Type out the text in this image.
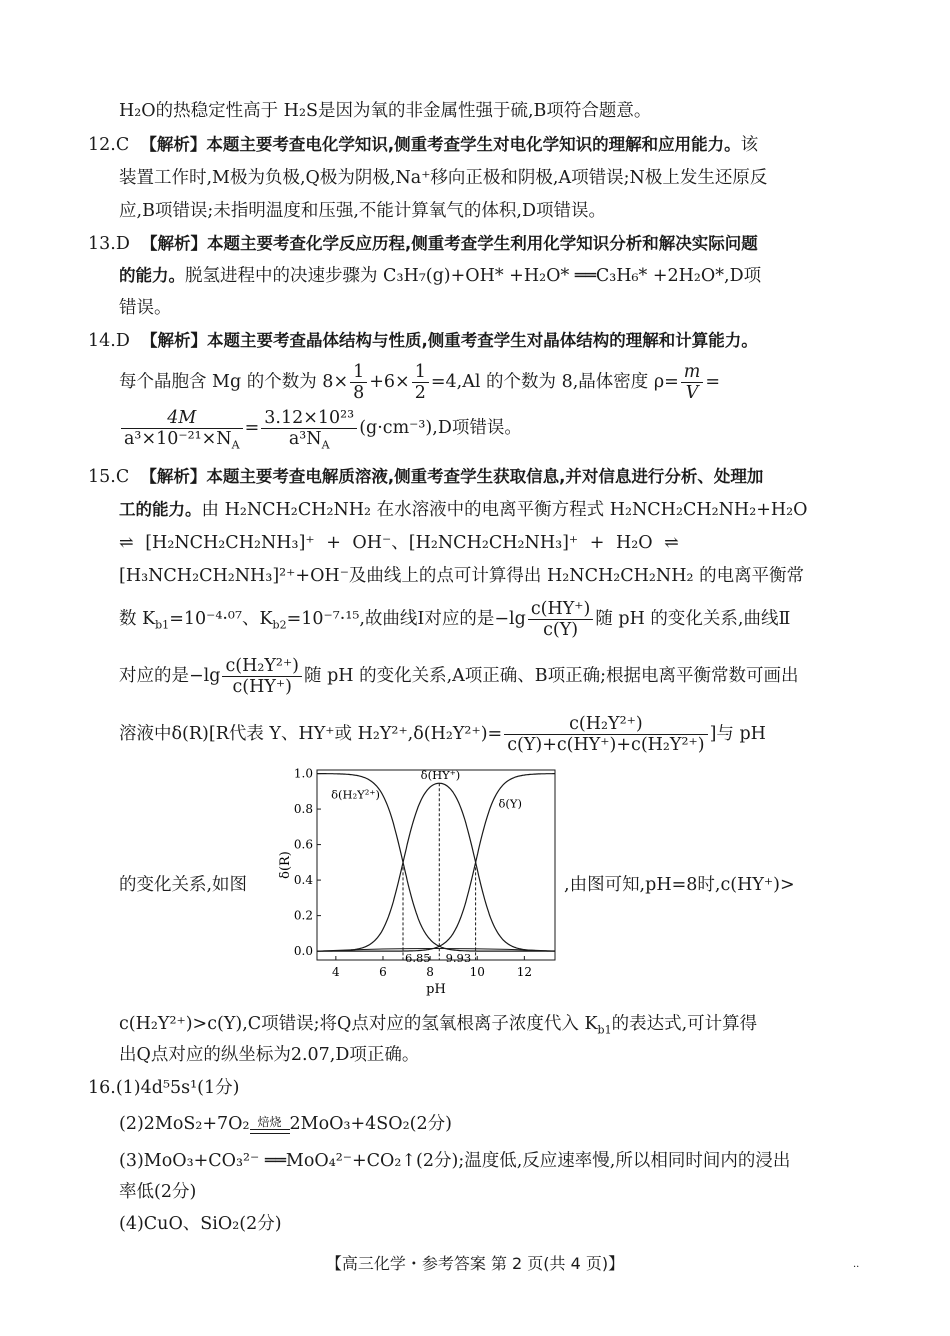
H₂O的热稳定性高于 H₂S是因为氧的非金属性强于硫,B项符合题意。
12.C 【解析】本题主要考查电化学知识,侧重考查学生对电化学知识的理解和应用能力。该
装置工作时,M极为负极,Q极为阴极,Na⁺移向正极和阴极,A项错误;N极上发生还原反
应,B项错误;未指明温度和压强,不能计算氧气的体积,D项错误。
13.D 【解析】本题主要考查化学反应历程,侧重考查学生利用化学知识分析和解决实际问题
的能力。脱氢进程中的决速步骤为 C₃H₇(g)+OH* +H₂O* ══C₃H₆* +2H₂O*,D项
错误。
14.D 【解析】本题主要考查晶体结构与性质,侧重考查学生对晶体结构的理解和计算能力。
每个晶胞含 Mg 的个数为 $8\times \frac{1}{8} +6\times \frac{1}{2} =4,Al$ 的个数为 8,晶体密度 $\rho= \frac{m}{V}$ =
$\frac{4M}{a^3\times 10^{-21}\times N_A} = \frac{\text{3.12×10²³}}{a^3N_A} (g\cdot cm^{-3}),D$项错误。
15.C 【解析】本题主要考查电解质溶液,侧重考查学生获取信息,并对信息进行分析、处理加
工的能力。由 H₂NCH₂CH₂NH₂ 在水溶液中的电离平衡方程式 H₂NCH₂CH₂NH₂+H₂O
⇌ [H₂NCH₂CH₂NH₃]⁺ + OH⁻、[H₂NCH₂CH₂NH₃]⁺ + H₂O ⇌
[H₃NCH₂CH₂NH₃]²⁺+OH⁻及曲线上的点可计算得出 H₂NCH₂CH₂NH₂ 的电离平衡常
数 $K_{b1}=10^{-4}\cdot^{07}$、$K_{b2}=10^{-7}\cdot^{15}$,故曲线Ⅰ对应的是$-\lg \frac{c(HY^+)}{c(Y)}$ 随 pH 的变化关系,曲线Ⅱ
对应的是$-\lg \frac{\text{c(H₂Y²⁺)}}{c(HY^+)}$ 随 pH 的变化关系,A项正确、B项正确;根据电离平衡常数可画出
溶液中δ(R)[R代表 Y、HY⁺或 $H_2Y^{2+},\delta(H_2Y^{2+})= \frac{\text{c(H₂Y²⁺)}}{\text{c(Y)+c(HY⁺)+c(H₂Y²⁺)}}$ ]与 pH
的变化关系,如图	,由图可知,pH=8时,c(HY⁺)>
0.0
0.2
0.4
0.6
0.8
1.0
4	6	8	10	12
pH
δ(R)
6.85 9.93
δ(H₂Y²⁺)
δ(HY⁺)
δ(Y)
c(H₂Y²⁺)>c(Y),C项错误;将Q点对应的氢氧根离子浓度代入 $K_{b1}$的表达式,可计算得
出Q点对应的纵坐标为2.07,D项正确。
16.(1)4d⁵5s¹(1分)
(2)2MoS₂+7O₂ 焙烧 2MoO₃+4SO₂(2分)
(3)MoO₃+CO₃²⁻ ══MoO₄²⁻+CO₂↑(2分);温度低,反应速率慢,所以相同时间内的浸出
率低(2分)
(4)CuO、SiO₂(2分)
【高三化学・参考答案 第 2 页(共 4 页)】	··
